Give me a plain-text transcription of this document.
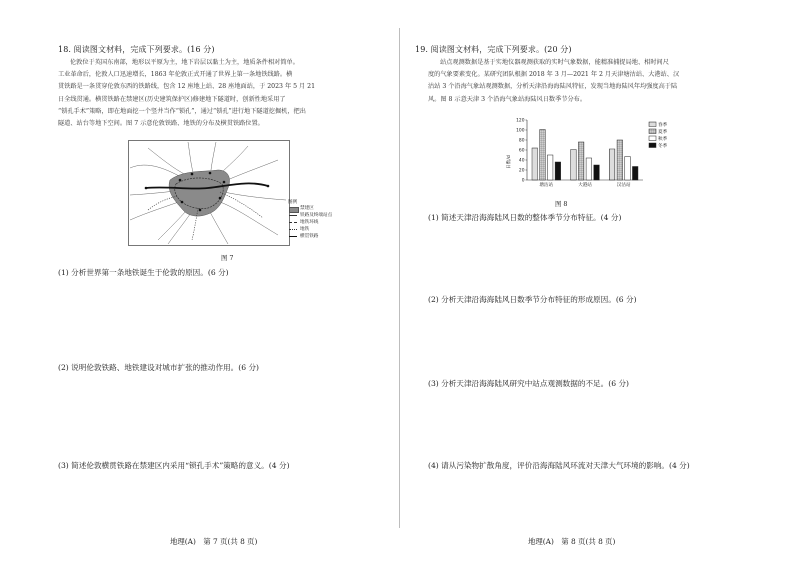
18. 阅读图文材料，完成下列要求。(16 分)
伦敦位于英国东南部，地形以平原为主，地下岩层以黏土为主，地质条件相对简单。
工业革命后，伦敦人口迅速增长，1863 年伦敦正式开通了世界上第一条地铁线路。横
贯铁路是一条贯穿伦敦东西的铁路线，包含 12 座地上站、28 座地面站，于 2023 年 5 月 21
日全线贯通。横贯铁路在禁建区(历史建筑保护区)修建地下隧道时，创新性地采用了
“锁孔手术”策略，即在地面挖一个竖井当作“锁孔”，通过“锁孔”进行地下隧道挖掘机，把出
隧道、站台等地下空间。图 7 示意伦敦铁路、地铁的分布及横贯铁路位置。
图例
禁建区
铁路及终端站点
地铁环线
地铁
横贯铁路
图 7
(1) 分析世界第一条地铁诞生于伦敦的原因。(6 分)
(2) 说明伦敦铁路、地铁建设对城市扩张的推动作用。(6 分)
(3) 简述伦敦横贯铁路在禁建区内采用“锁孔手术”策略的意义。(4 分)
地理(A)　第 7 页(共 8 页)
19. 阅读图文材料，完成下列要求。(20 分)
站点观测数据是基于实地仪器观测获取的实时气象数据，能精准捕捉局地、相时间尺
度的气象要素变化。某研究团队根据 2018 年 3 月—2021 年 2 月天津塘沽站、大港站、汉
沽站 3 个沿海气象站观测数据，分析天津沿海海陆风特征，发现当地海陆风年均强度高于陆
风。图 8 示意天津 3 个沿海气象站海陆风日数季节分布。
日数/d
0
20
40
60
80
100
120
塘沽站	大港站	汉沽站
春季
夏季
秋季
冬季
图 8
(1) 简述天津沿海海陆风日数的整体季节分布特征。(4 分)
(2) 分析天津沿海海陆风日数季节分布特征的形成原因。(6 分)
(3) 分析天津沿海海陆风研究中站点观测数据的不足。(6 分)
(4) 请从污染物扩散角度，评价沿海海陆风环流对天津大气环境的影响。(4 分)
地理(A)　第 8 页(共 8 页)
